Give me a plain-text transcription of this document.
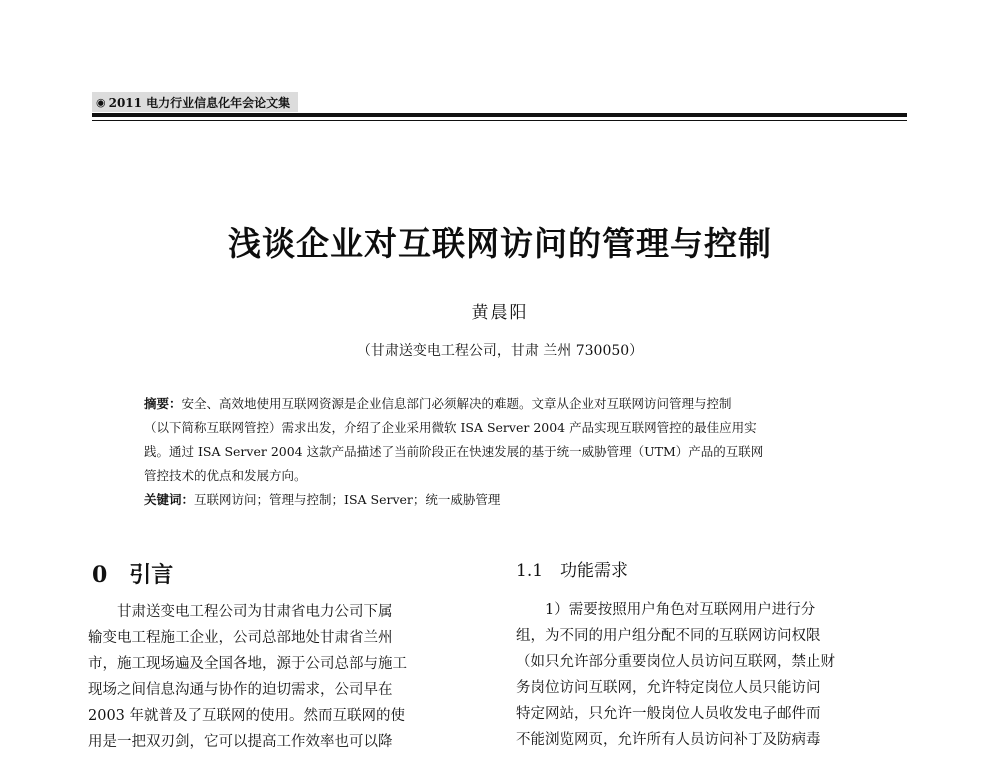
◉ 2011 电力行业信息化年会论文集
浅谈企业对互联网访问的管理与控制
黄晨阳
（甘肃送变电工程公司，甘肃 兰州 730050）
摘要：安全、高效地使用互联网资源是企业信息部门必须解决的难题。文章从企业对互联网访问管理与控制
（以下简称互联网管控）需求出发，介绍了企业采用微软 ISA Server 2004 产品实现互联网管控的最佳应用实
践。通过 ISA Server 2004 这款产品描述了当前阶段正在快速发展的基于统一威胁管理（UTM）产品的互联网
管控技术的优点和发展方向。
关键词：互联网访问；管理与控制；ISA Server；统一威胁管理
0　引言
　　甘肃送变电工程公司为甘肃省电力公司下属
输变电工程施工企业，公司总部地处甘肃省兰州
市，施工现场遍及全国各地，源于公司总部与施工
现场之间信息沟通与协作的迫切需求，公司早在
2003 年就普及了互联网的使用。然而互联网的使
用是一把双刃剑，它可以提高工作效率也可以降
1.1　功能需求
　　1）需要按照用户角色对互联网用户进行分
组，为不同的用户组分配不同的互联网访问权限
（如只允许部分重要岗位人员访问互联网，禁止财
务岗位访问互联网，允许特定岗位人员只能访问
特定网站，只允许一般岗位人员收发电子邮件而
不能浏览网页，允许所有人员访问补丁及防病毒
